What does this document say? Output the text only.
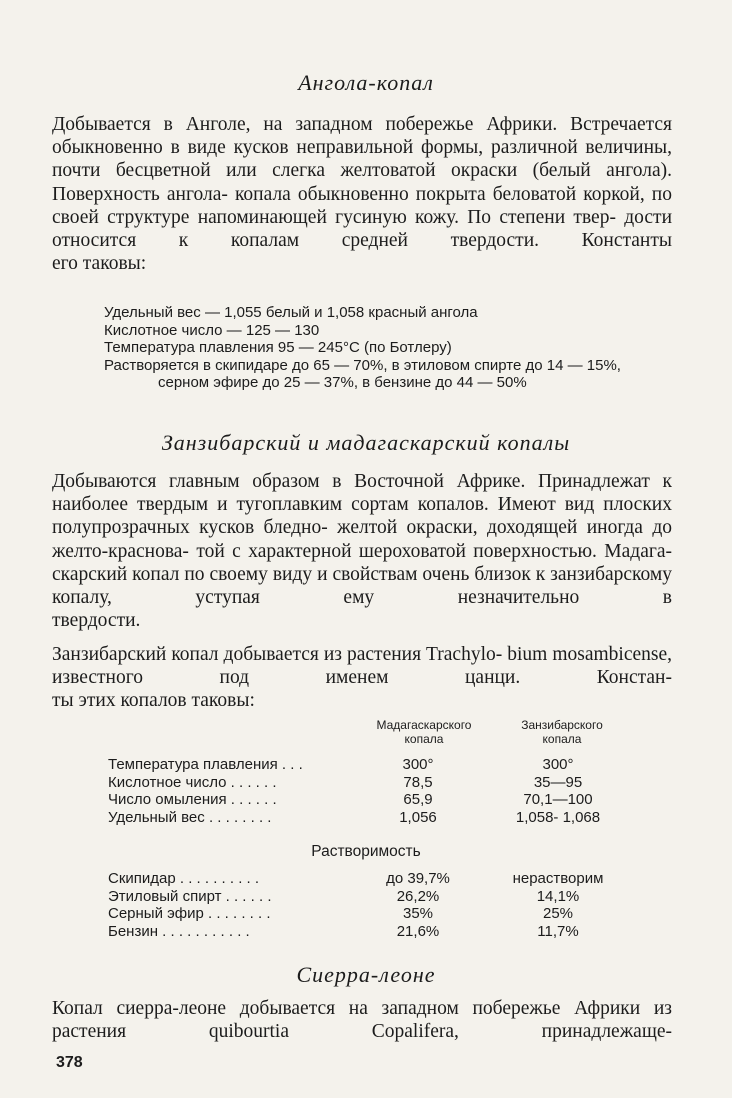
Ангола-копал

Добывается в Анголе, на западном побережье Африки. Встречается обыкновенно в виде кусков неправильной формы, различной величины, почти бесцветной или слегка желтоватой окраски (белый ангола). Поверхность ангола- копала обыкновенно покрыта беловатой коркой, по своей структуре напоминающей гусиную кожу. По степени твер- дости относится к копалам средней твердости. Константы
его таковы:

Удельный вес — 1,055 белый и 1,058 красный ангола
Кислотное число — 125 — 130
Температура плавления 95 — 245°С (по Ботлеру)
Растворяется в скипидаре до 65 — 70%, в этиловом спирте до 14 — 15%, серном эфире до 25 — 37%, в бензине до 44 — 50%
Занзибарский и мадагаскарский копалы

Добываются главным образом в Восточной Африке. Принадлежат к наиболее твердым и тугоплавким сортам копалов. Имеют вид плоских полупрозрачных кусков бледно- желтой окраски, доходящей иногда до желто-краснова- той с характерной шероховатой поверхностью. Мадага- скарский копал по своему виду и свойствам очень близок к занзибарскому копалу, уступая ему незначительно в
твердости.

Занзибарский копал добывается из растения Trachylo- bium mosambicense, известного под именем цанци. Констан-
ты этих копалов таковы:

Мадагаскарского
копала
Занзибарского
копала
Температура плавления . . .	300°	300°
Кислотное число . . . . . .	78,5	35—95
Число омыления . . . . . .	65,9	70,1—100
Удельный вес . . . . . . . .	1,056	1,058- 1,068

Растворимость

Скипидар . . . . . . . . . .	до 39,7%	нерастворим
Этиловый спирт . . . . . .	26,2%	14,1%
Серный эфир . . . . . . . .	35%	25%
Бензин . . . . . . . . . . .	21,6%	11,7%
Сиерра-леоне

Копал сиерра-леоне добывается на западном побережье Африки из растения quibourtia Copalifera, принадлежаще-

378
